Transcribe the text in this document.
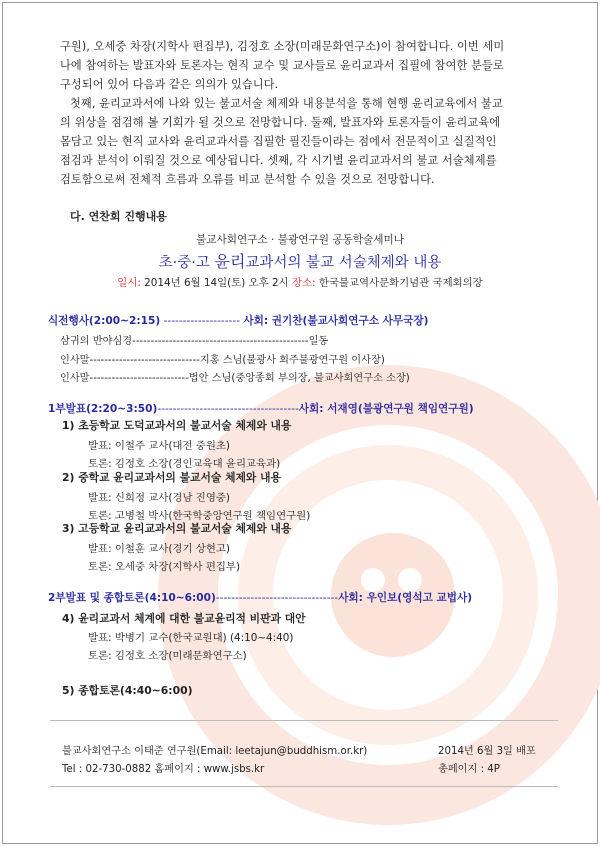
구원), 오세중 차장(지학사 편집부), 김정호 소장(미래문화연구소)이 참여합니다. 이번 세미
나에 참여하는 발표자와 토론자는 현직 교수 및 교사들로 윤리교과서 집필에 참여한 분들로
구성되어 있어 다음과 같은 의의가 있습니다.
첫째, 윤리교과서에 나와 있는 불교서술 체제와 내용분석을 통해 현행 윤리교육에서 불교
의 위상을 점검해 볼 기회가 될 것으로 전망합니다. 둘째, 발표자와 토론자들이 윤리교육에
몸담고 있는 현직 교사와 윤리교과서를 집필한 필진들이라는 점에서 전문적이고 실질적인
점검과 분석이 이뤄질 것으로 예상됩니다. 셋째, 각 시기별 윤리교과서의 불교 서술체제를
검토함으로써 전체적 흐름과 오류를 비교 분석할 수 있을 것으로 전망합니다.
다. 연찬회 진행내용
불교사회연구소 · 불광연구원 공동학술세미나
초·중·고 윤리교과서의 불교 서술체제와 내용
일시: 2014년 6월 14일(토) 오후 2시 장소: 한국불교역사문화기념관 국제회의장
식전행사(2:00~2:15) -------------------- 사회: 권기찬(불교사회연구소 사무국장)
삼귀의 반야심경------------------------------------------------일동
인사말------------------------------지홍 스님(불광사 회주불광연구원 이사장)
인사말---------------------------법안 스님(중앙종회 부의장, 불교사회연구소 소장)
1부발표(2:20~3:50)-------------------------------------사회: 서재영(불광연구원 책임연구원)
1) 초등학교 도덕교과서의 불교서술 체제와 내용
발표: 이철주 교사(대전 중원초)
토론: 김정호 소장(경인교육대 윤리교육과)
2) 중학교 윤리교과서의 불교서술 체제와 내용
발표: 신희정 교사(경남 진영중)
토론: 고병철 박사(한국학중앙연구원 책임연구원)
3) 고등학교 윤리교과서의 불교서술 체제와 내용
발표: 이철훈 교사(경기 상현고)
토론: 오세중 차장(지학사 편집부)
2부발표 및 종합토론(4:10~6:00)--------------------------------사회: 우인보(영석고 교법사)
4) 윤리교과서 체계에 대한 불교윤리적 비판과 대안
발표: 박병기 교수(한국교원대) (4:10~4:40)
토론: 김정호 소장(미래문화연구소)
5) 종합토론(4:40~6:00)
불교사회연구소 이태준 연구원(Email: leetajun@buddhism.or.kr)
Tel : 02-730-0882 홈페이지 : www.jsbs.kr
2014년 6월 3일 배포
총페이지 : 4P
